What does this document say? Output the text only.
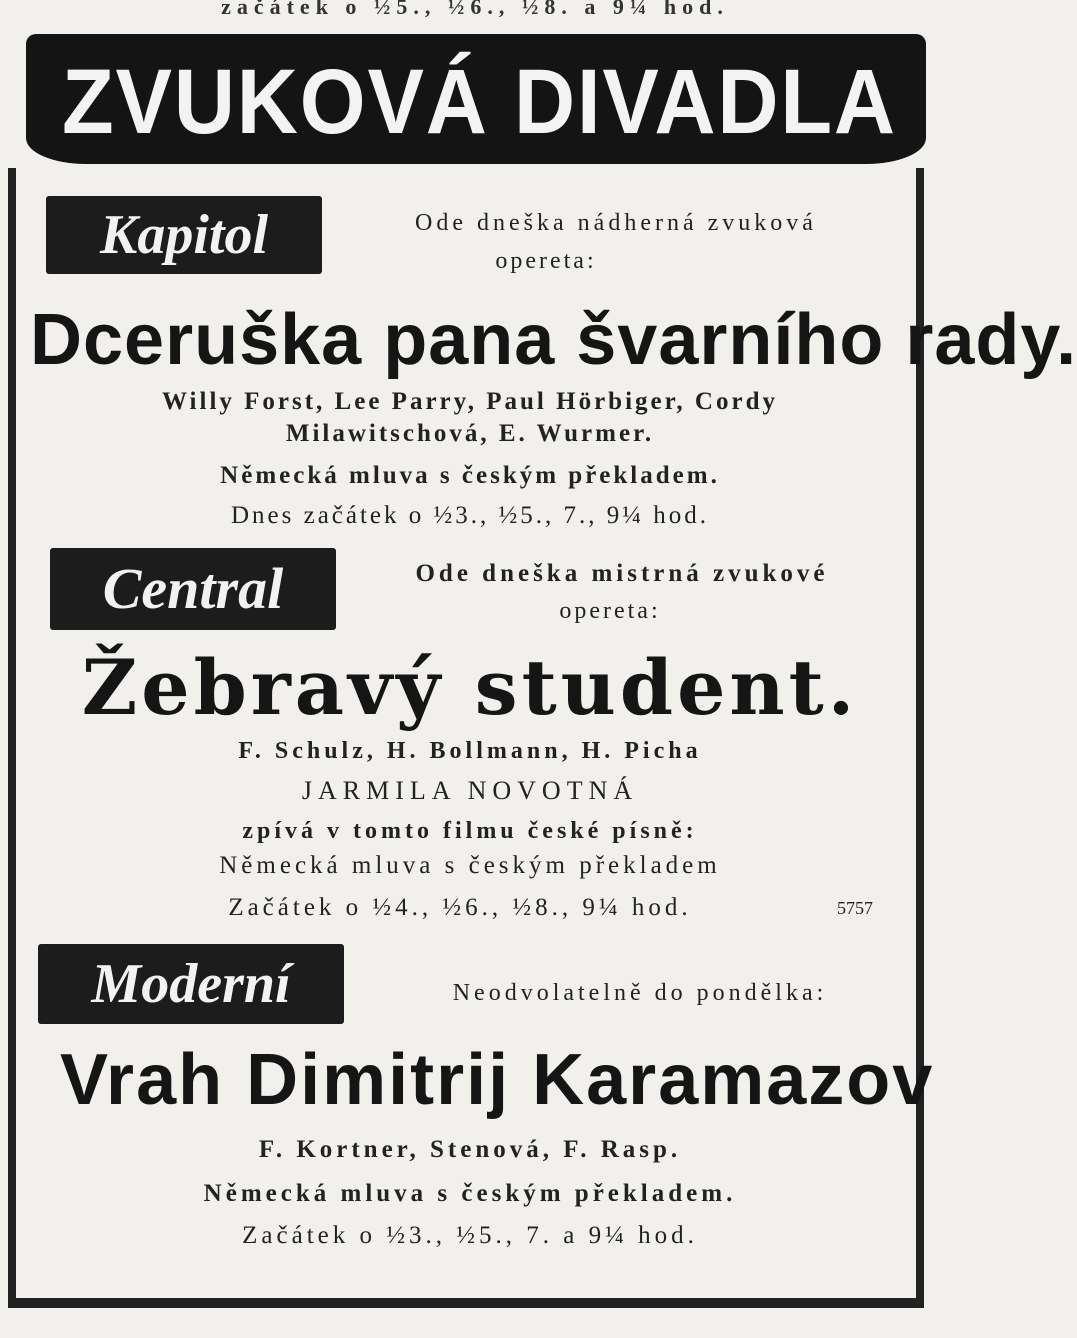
začátek o ½5., ½6., ½8. a 9¼ hod.
ZVUKOVÁ DIVADLA
Kapitol	Ode dneška nádherná zvuková
opereta:
Dceruška pana švarního rady.
Willy Forst, Lee Parry, Paul Hörbiger, Cordy
Milawitschová, E. Wurmer.
Německá mluva s českým překladem.
Dnes začátek o ½3., ½5., 7., 9¼ hod.
Central	Ode dneška mistrná zvukové
opereta:
Žebravý student.
F. Schulz, H. Bollmann, H. Picha
JARMILA NOVOTNÁ
zpívá v tomto filmu české písně:
Německá mluva s českým překladem
Začátek o ½4., ½6., ½8., 9¼ hod.	5757
Moderní	Neodvolatelně do pondělka:
Vrah Dimitrij Karamazov
F. Kortner, Stenová, F. Rasp.
Německá mluva s českým překladem.
Začátek o ½3., ½5., 7. a 9¼ hod.
